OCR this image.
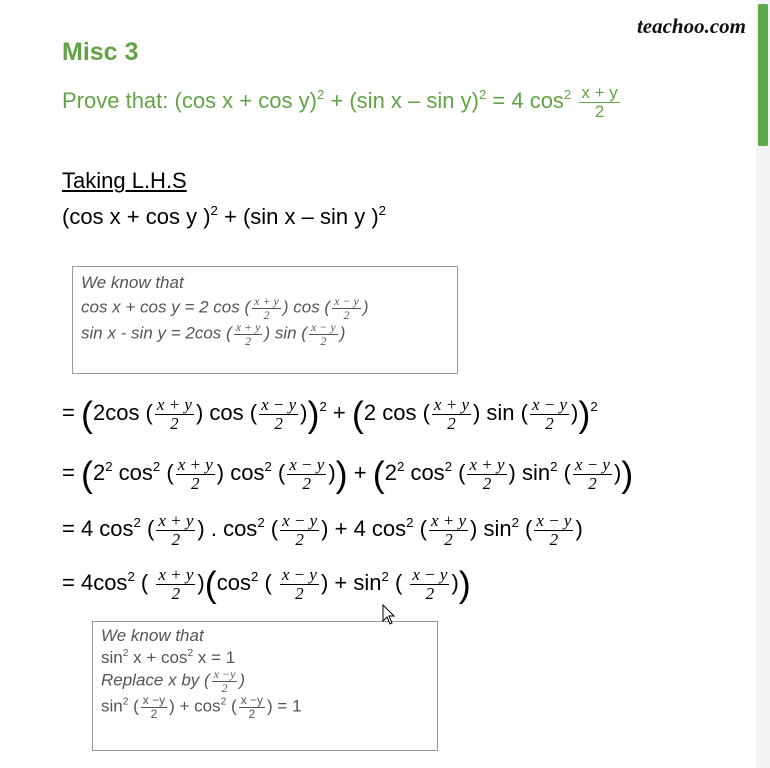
teachoo.com
Misc 3
Prove that: (cos x + cos y)$^2$ + (sin x – sin y)$^2$ = 4 $\cos^2 \frac{x + y}{2}$
Taking L.H.S
(cos x + cos y )$^2$ + (sin x – sin y )$^2$
We know that
cos x + cos y = 2 cos ( $\frac{x + y}{2}$ ) cos ( $\frac{x - y}{2}$ )
sin x - sin y = 2cos ( $\frac{x + y}{2}$ ) sin ( $\frac{x - y}{2}$ )
= (2cos ( $\frac{x + y}{2}$ ) cos ( $\frac{x - y}{2} ))^2 + (2$ cos ( $\frac{x + y}{2}$ ) sin ( $\frac{x - y}{2} ))^2$
= ($2^2$ $\cos^2$ ( $\frac{x + y}{2}$ ) $\cos^2$ ( $\frac{x - y}{2}$ )) + ($2^2$ $\cos^2$ ( $\frac{x + y}{2}$ ) $\sin^2$ ( $\frac{x - y}{2}$ ))
= 4 $\cos^2$ ( $\frac{x + y}{2}$ ) . $\cos^2$ ( $\frac{x - y}{2}$ ) + 4 $\cos^2$ ( $\frac{x + y}{2}$ ) $\sin^2$ ( $\frac{x - y}{2}$ )
= $4\cos^2$ ( $\frac{x + y}{2} )(\cos^2$ ( $\frac{x - y}{2}$ ) + $\sin^2$ ( $\frac{x - y}{2}$ ))
We know that
$\sin^2 x + \cos^2 x = 1$
Replace x by ( $\frac{x -y}{2}$ )
$\sin^2$ ( $\frac{x -y}{2}$ ) + $\cos^2$ ( $\frac{x -y}{2}$ ) = 1
